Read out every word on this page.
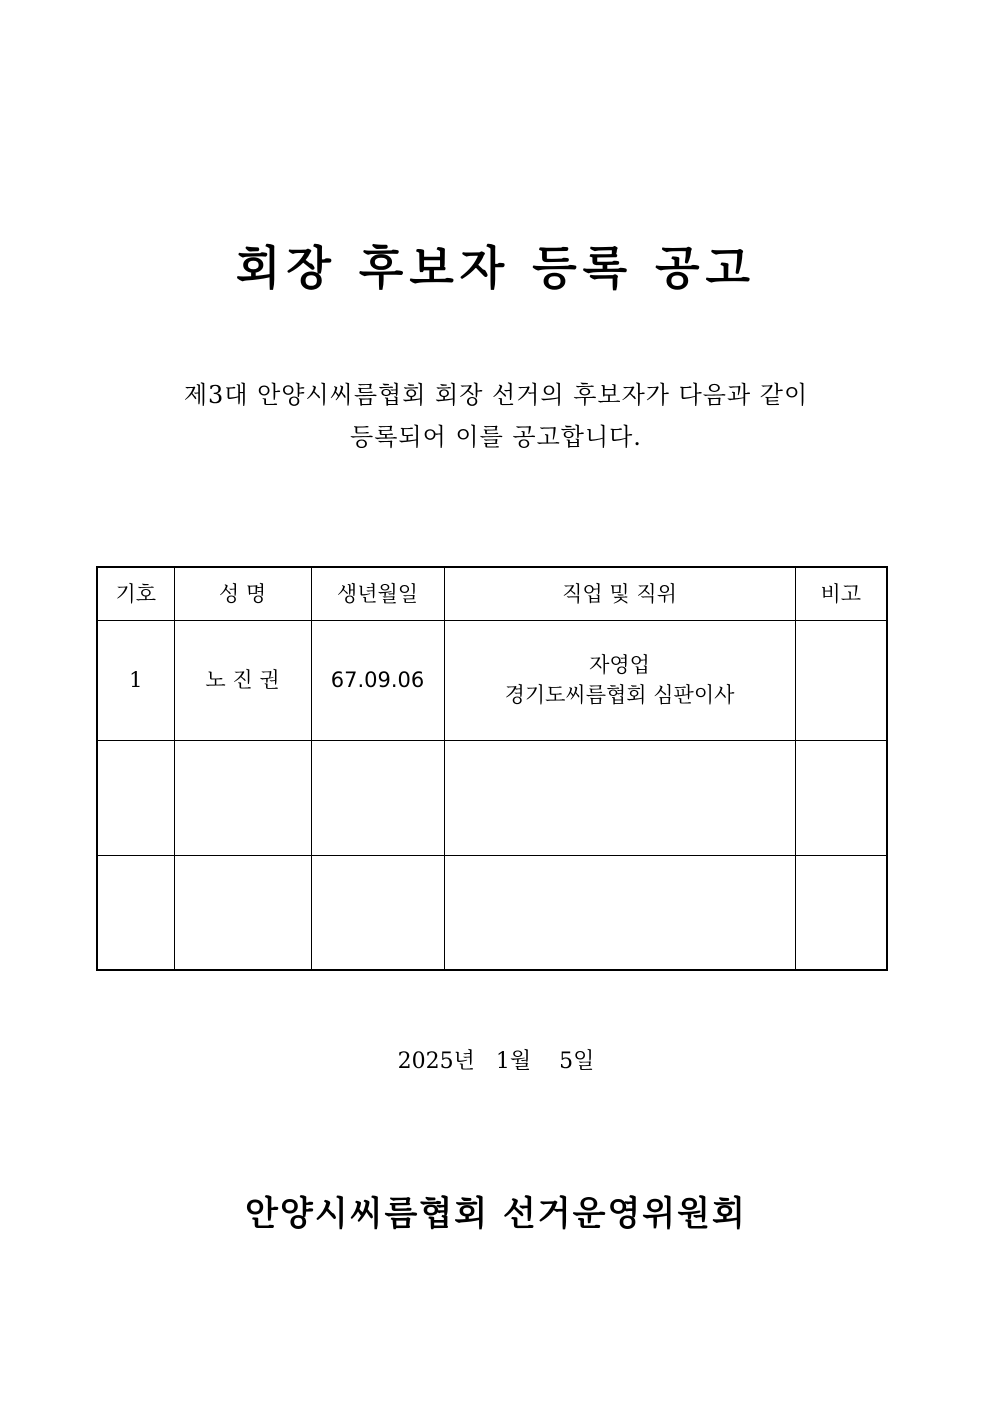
회장 후보자 등록 공고
제3대 안양시씨름협회 회장 선거의 후보자가 다음과 같이
등록되어 이를 공고합니다.
기호	성 명	생년월일	직업 및 직위	비고
1	노 진 권	67.09.06	자영업
경기도씨름협회 심판이사	

2025년   1월    5일
안양시씨름협회 선거운영위원회
